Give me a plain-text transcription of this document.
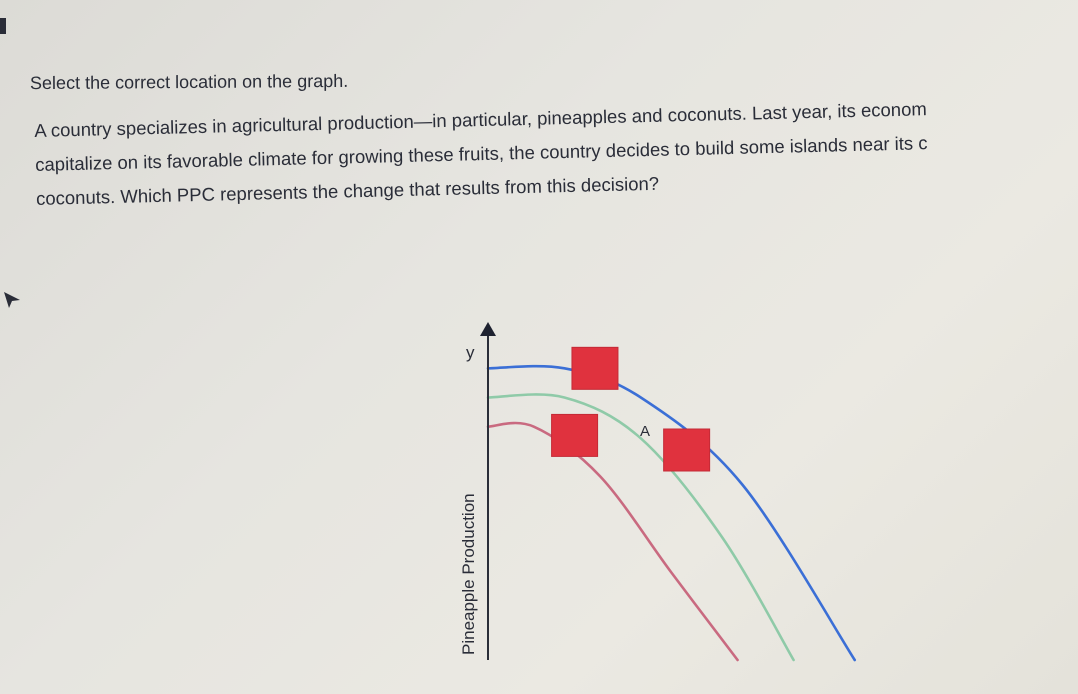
Select the correct location on the graph.

A country specializes in agricultural production—in particular, pineapples and coconuts. Last year, its econom
capitalize on its favorable climate for growing these fruits, the country decides to build some islands near its c
coconuts. Which PPC represents the change that results from this decision?
y
Pineapple Production
A
